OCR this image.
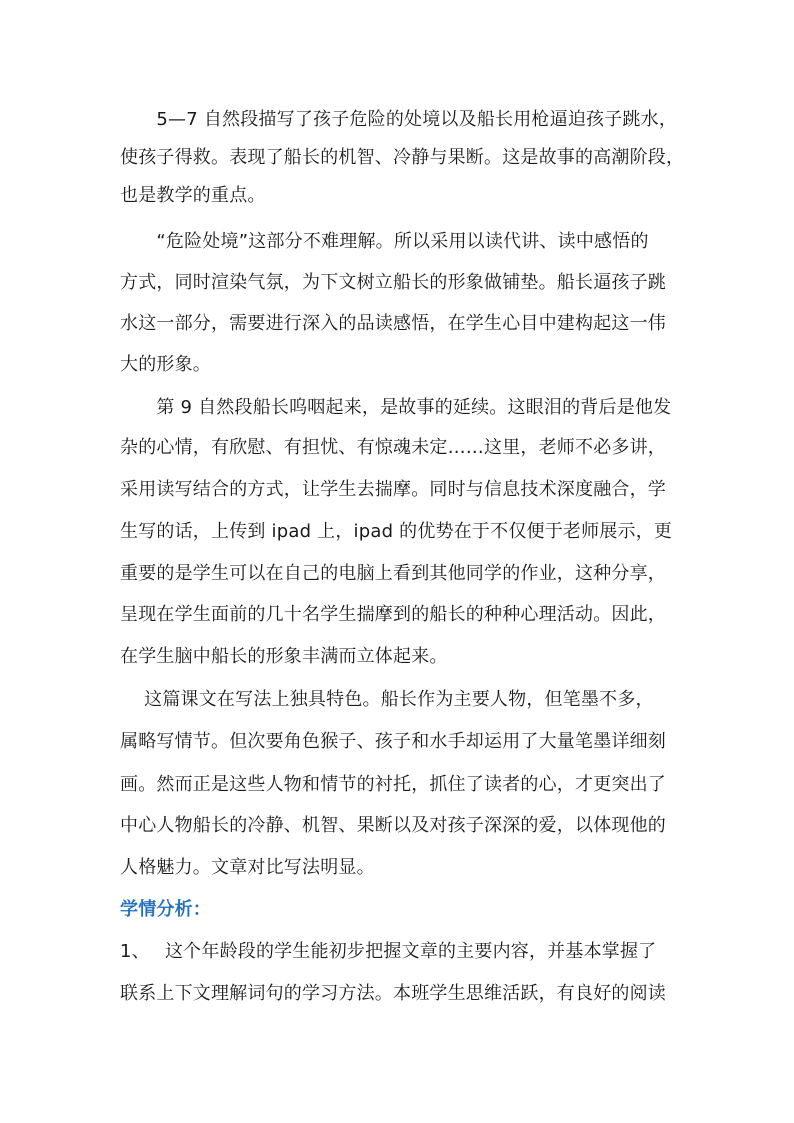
　　5—7 自然段描写了孩子危险的处境以及船长用枪逼迫孩子跳水，
使孩子得救。表现了船长的机智、冷静与果断。这是故事的高潮阶段，
也是教学的重点。
　　“危险处境”这部分不难理解。所以采用以读代讲、读中感悟的
方式，同时渲染气氛，为下文树立船长的形象做铺垫。船长逼孩子跳
水这一部分，需要进行深入的品读感悟，在学生心目中建构起这一伟
大的形象。
　　第 9 自然段船长呜咽起来，是故事的延续。这眼泪的背后是他发
杂的心情，有欣慰、有担忧、有惊魂未定……这里，老师不必多讲，
采用读写结合的方式，让学生去揣摩。同时与信息技术深度融合，学
生写的话，上传到 ipad 上，ipad 的优势在于不仅便于老师展示，更
重要的是学生可以在自己的电脑上看到其他同学的作业，这种分享，
呈现在学生面前的几十名学生揣摩到的船长的种种心理活动。因此，
在学生脑中船长的形象丰满而立体起来。
　 这篇课文在写法上独具特色。船长作为主要人物，但笔墨不多，
属略写情节。但次要角色猴子、孩子和水手却运用了大量笔墨详细刻
画。然而正是这些人物和情节的衬托，抓住了读者的心，才更突出了
中心人物船长的冷静、机智、果断以及对孩子深深的爱，以体现他的
人格魅力。文章对比写法明显。
学情分析：
1、　 这个年龄段的学生能初步把握文章的主要内容，并基本掌握了
联系上下文理解词句的学习方法。本班学生思维活跃，有良好的阅读
